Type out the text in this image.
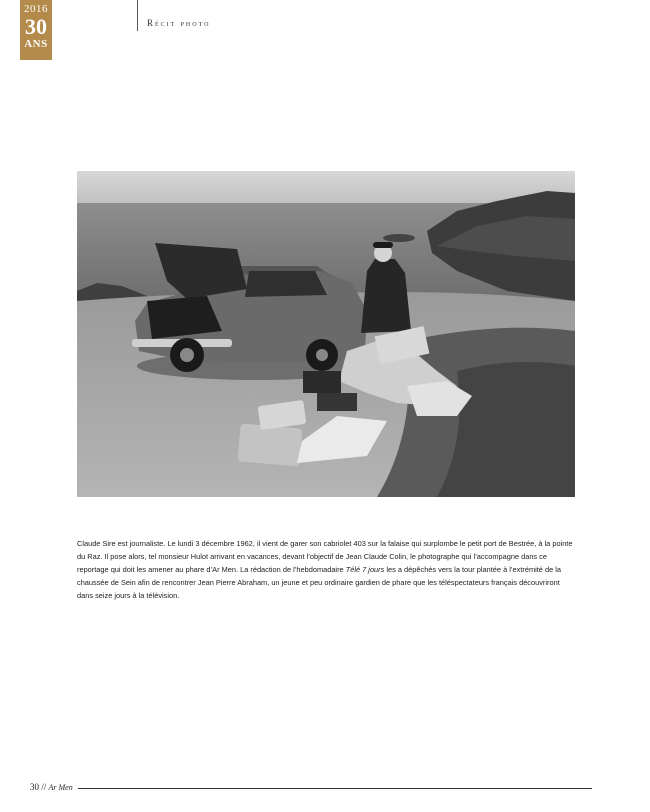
2016
30
ANS
Récit photo

Claude Sire est journaliste. Le lundi 3 décembre 1962, il vient de garer son cabriolet 403 sur la falaise qui surplombe le petit port de Bestrée, à la pointe du Raz. Il pose alors, tel monsieur Hulot arrivant en vacances, devant l’objectif de Jean Claude Colin, le photographe qui l’accompagne dans ce reportage qui doit les amener au phare d’Ar Men. La rédaction de l’hebdomadaire Télé 7 jours les a dépêchés vers la tour plantée à l’extrémité de la chaussée de Sein afin de rencontrer Jean Pierre Abraham, un jeune et peu ordinaire gardien de phare que les téléspectateurs français découvriront dans seize jours à la télévision.

30 // Ar Men
